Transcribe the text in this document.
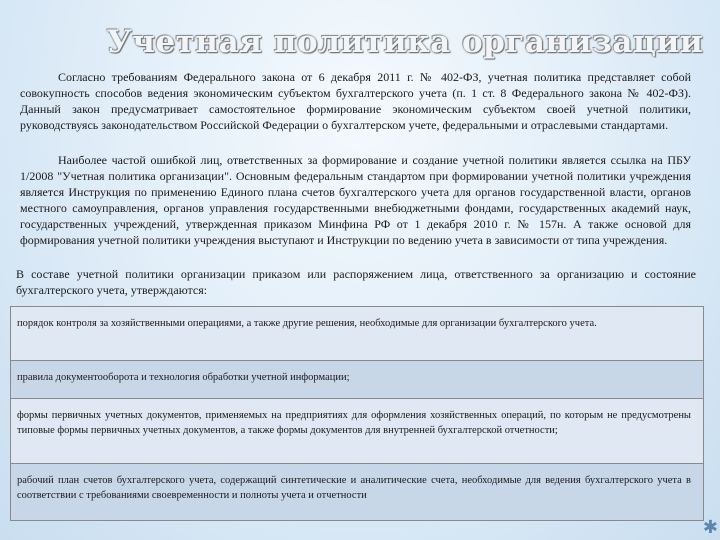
Учетная политика организации

Согласно требованиям Федерального закона от 6 декабря 2011 г. № 402-ФЗ, учетная политика представляет собой совокупность способов ведения экономическим субъектом бухгалтерского учета (п. 1 ст. 8 Федерального закона № 402-ФЗ). Данный закон предусматривает самостоятельное формирование экономическим субъектом своей учетной политики, руководствуясь законодательством Российской Федерации о бухгалтерском учете, федеральными и отраслевыми стандартами.

Наиболее частой ошибкой лиц, ответственных за формирование и создание учетной политики является ссылка на ПБУ 1/2008 "Учетная политика организации". Основным федеральным стандартом при формировании учетной политики учреждения является Инструкция по применению Единого плана счетов бухгалтерского учета для органов государственной власти, органов местного самоуправления, органов управления государственными внебюджетными фондами, государственных академий наук, государственных учреждений, утвержденная приказом Минфина РФ от 1 декабря 2010 г. № 157н. А также основой для формирования учетной политики учреждения выступают и Инструкции по ведению учета в зависимости от типа учреждения.

В составе учетной политики организации приказом или распоряжением лица, ответственного за организацию и состояние бухгалтерского учета, утверждаются:

порядок контроля за хозяйственными операциями, а также другие решения, необходимые для организации бухгалтерского учета.
правила документооборота и технология обработки учетной информации;
формы первичных учетных документов, применяемых на предприятиях для оформления хозяйственных операций, по которым не предусмотрены типовые формы первичных учетных документов, а также формы документов для внутренней бухгалтерской отчетности;
рабочий план счетов бухгалтерского учета, содержащий синтетические и аналитические счета, необходимые для ведения бухгалтерского учета в соответствии с требованиями своевременности и полноты учета и отчетности
✱
